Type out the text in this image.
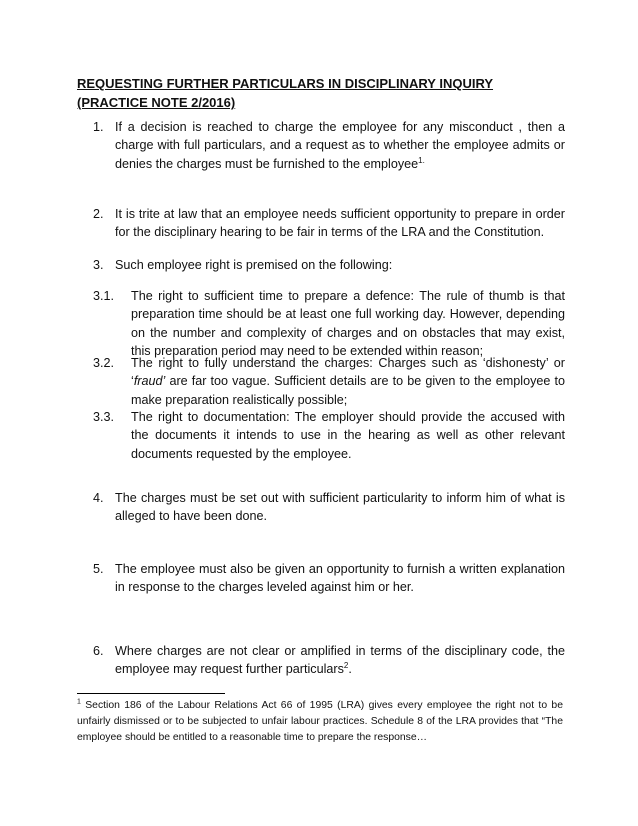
REQUESTING FURTHER PARTICULARS IN DISCIPLINARY INQUIRY (PRACTICE NOTE 2/2016)
1. If a decision is reached to charge the employee for any misconduct , then a charge with full particulars, and a request as to whether the employee admits or denies the charges must be furnished to the employee$^{1.}$
2. It is trite at law that an employee needs sufficient opportunity to prepare in order for the disciplinary hearing to be fair in terms of the LRA and the Constitution.
3. Such employee right is premised on the following:
3.1. The right to sufficient time to prepare a defence: The rule of thumb is that preparation time should be at least one full working day. However, depending on the number and complexity of charges and on obstacles that may exist, this preparation period may need to be extended within reason;
3.2. The right to fully understand the charges: Charges such as ‘dishonesty’ or ‘fraud’ are far too vague. Sufficient details are to be given to the employee to make preparation realistically possible;
3.3. The right to documentation: The employer should provide the accused with the documents it intends to use in the hearing as well as other relevant documents requested by the employee.
4. The charges must be set out with sufficient particularity to inform him of what is alleged to have been done.
5. The employee must also be given an opportunity to furnish a written explanation in response to the charges leveled against him or her.
6. Where charges are not clear or amplified in terms of the disciplinary code, the employee may request further particulars$^2$.
$^1$ Section 186 of the Labour Relations Act 66 of 1995 (LRA) gives every employee the right not to be unfairly dismissed or to be subjected to unfair labour practices. Schedule 8 of the LRA provides that “The employee should be entitled to a reasonable time to prepare the response…
